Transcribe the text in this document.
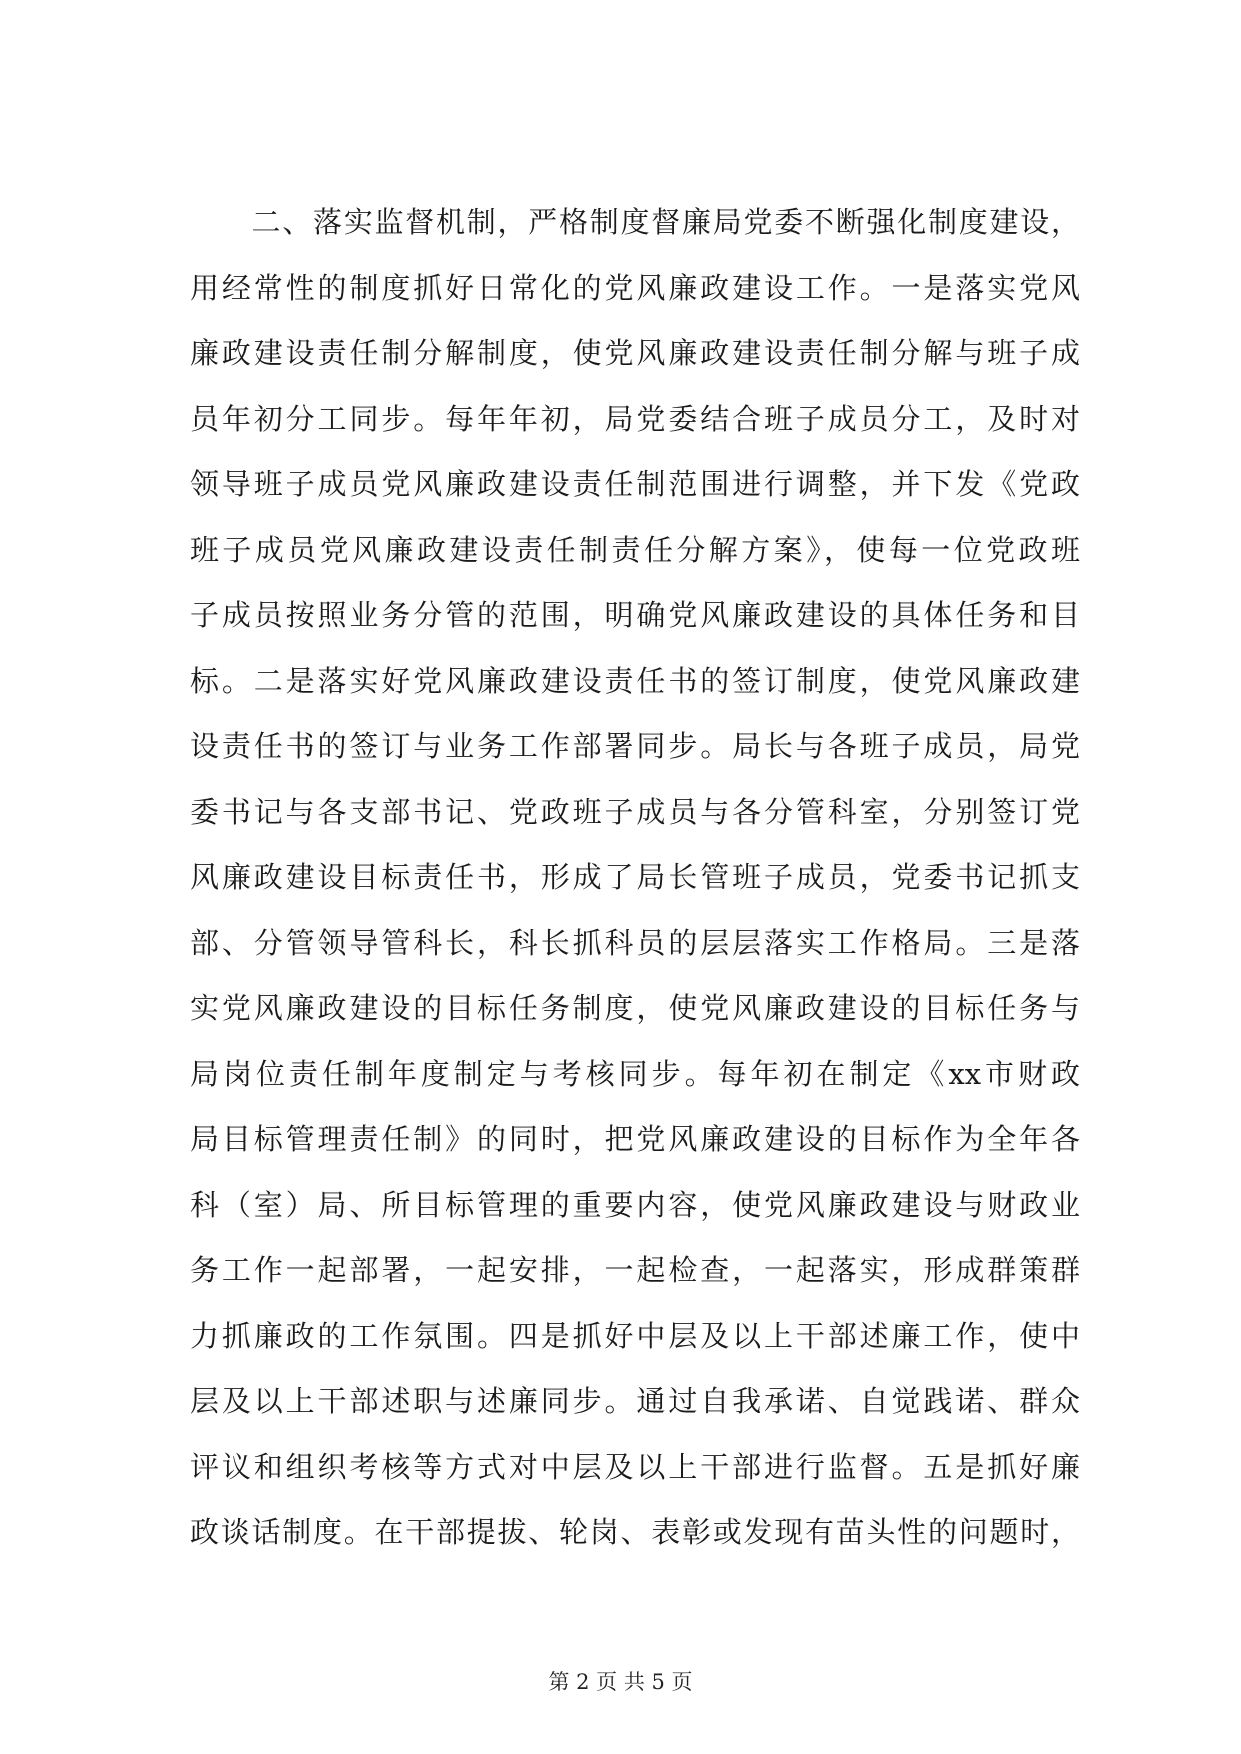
　　二、落实监督机制，严格制度督廉局党委不断强化制度建设，
用经常性的制度抓好日常化的党风廉政建设工作。一是落实党风
廉政建设责任制分解制度，使党风廉政建设责任制分解与班子成
员年初分工同步。每年年初，局党委结合班子成员分工，及时对
领导班子成员党风廉政建设责任制范围进行调整，并下发《党政
班子成员党风廉政建设责任制责任分解方案》，使每一位党政班
子成员按照业务分管的范围，明确党风廉政建设的具体任务和目
标。二是落实好党风廉政建设责任书的签订制度，使党风廉政建
设责任书的签订与业务工作部署同步。局长与各班子成员，局党
委书记与各支部书记、党政班子成员与各分管科室，分别签订党
风廉政建设目标责任书，形成了局长管班子成员，党委书记抓支
部、分管领导管科长，科长抓科员的层层落实工作格局。三是落
实党风廉政建设的目标任务制度，使党风廉政建设的目标任务与
局岗位责任制年度制定与考核同步。每年初在制定《xx市财政
局目标管理责任制》的同时，把党风廉政建设的目标作为全年各
科（室）局、所目标管理的重要内容，使党风廉政建设与财政业
务工作一起部署，一起安排，一起检查，一起落实，形成群策群
力抓廉政的工作氛围。四是抓好中层及以上干部述廉工作，使中
层及以上干部述职与述廉同步。通过自我承诺、自觉践诺、群众
评议和组织考核等方式对中层及以上干部进行监督。五是抓好廉
政谈话制度。在干部提拔、轮岗、表彰或发现有苗头性的问题时，
第 2 页 共 5 页
